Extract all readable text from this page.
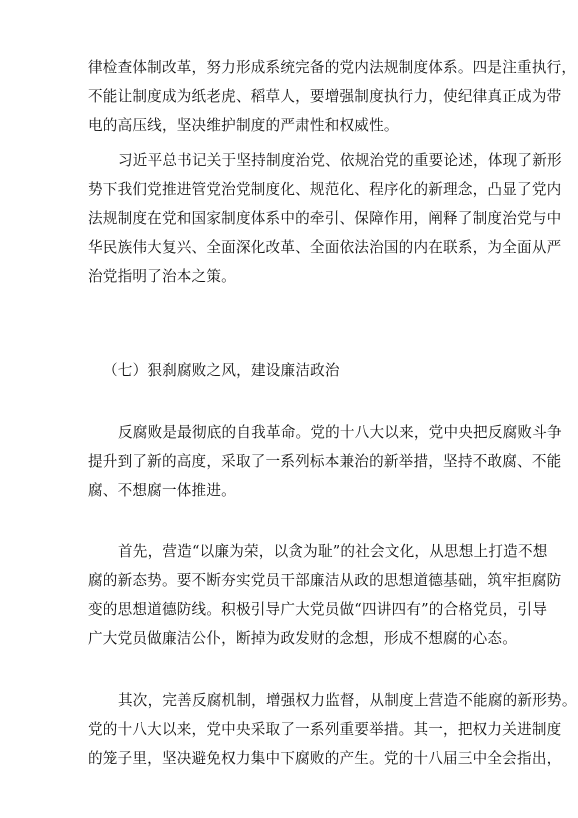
律检查体制改革，努力形成系统完备的党内法规制度体系。四是注重执行，
不能让制度成为纸老虎、稻草人，要增强制度执行力，使纪律真正成为带
电的高压线，坚决维护制度的严肃性和权威性。
习近平总书记关于坚持制度治党、依规治党的重要论述，体现了新形
势下我们党推进管党治党制度化、规范化、程序化的新理念，凸显了党内
法规制度在党和国家制度体系中的牵引、保障作用，阐释了制度治党与中
华民族伟大复兴、全面深化改革、全面依法治国的内在联系，为全面从严
治党指明了治本之策。
（七）狠刹腐败之风，建设廉洁政治
反腐败是最彻底的自我革命。党的十八大以来，党中央把反腐败斗争
提升到了新的高度，采取了一系列标本兼治的新举措，坚持不敢腐、不能
腐、不想腐一体推进。
首先，营造“以廉为荣，以贪为耻”的社会文化，从思想上打造不想
腐的新态势。要不断夯实党员干部廉洁从政的思想道德基础，筑牢拒腐防
变的思想道德防线。积极引导广大党员做“四讲四有”的合格党员，引导
广大党员做廉洁公仆，断掉为政发财的念想，形成不想腐的心态。
其次，完善反腐机制，增强权力监督，从制度上营造不能腐的新形势。
党的十八大以来，党中央采取了一系列重要举措。其一，把权力关进制度
的笼子里，坚决避免权力集中下腐败的产生。党的十八届三中全会指出，
